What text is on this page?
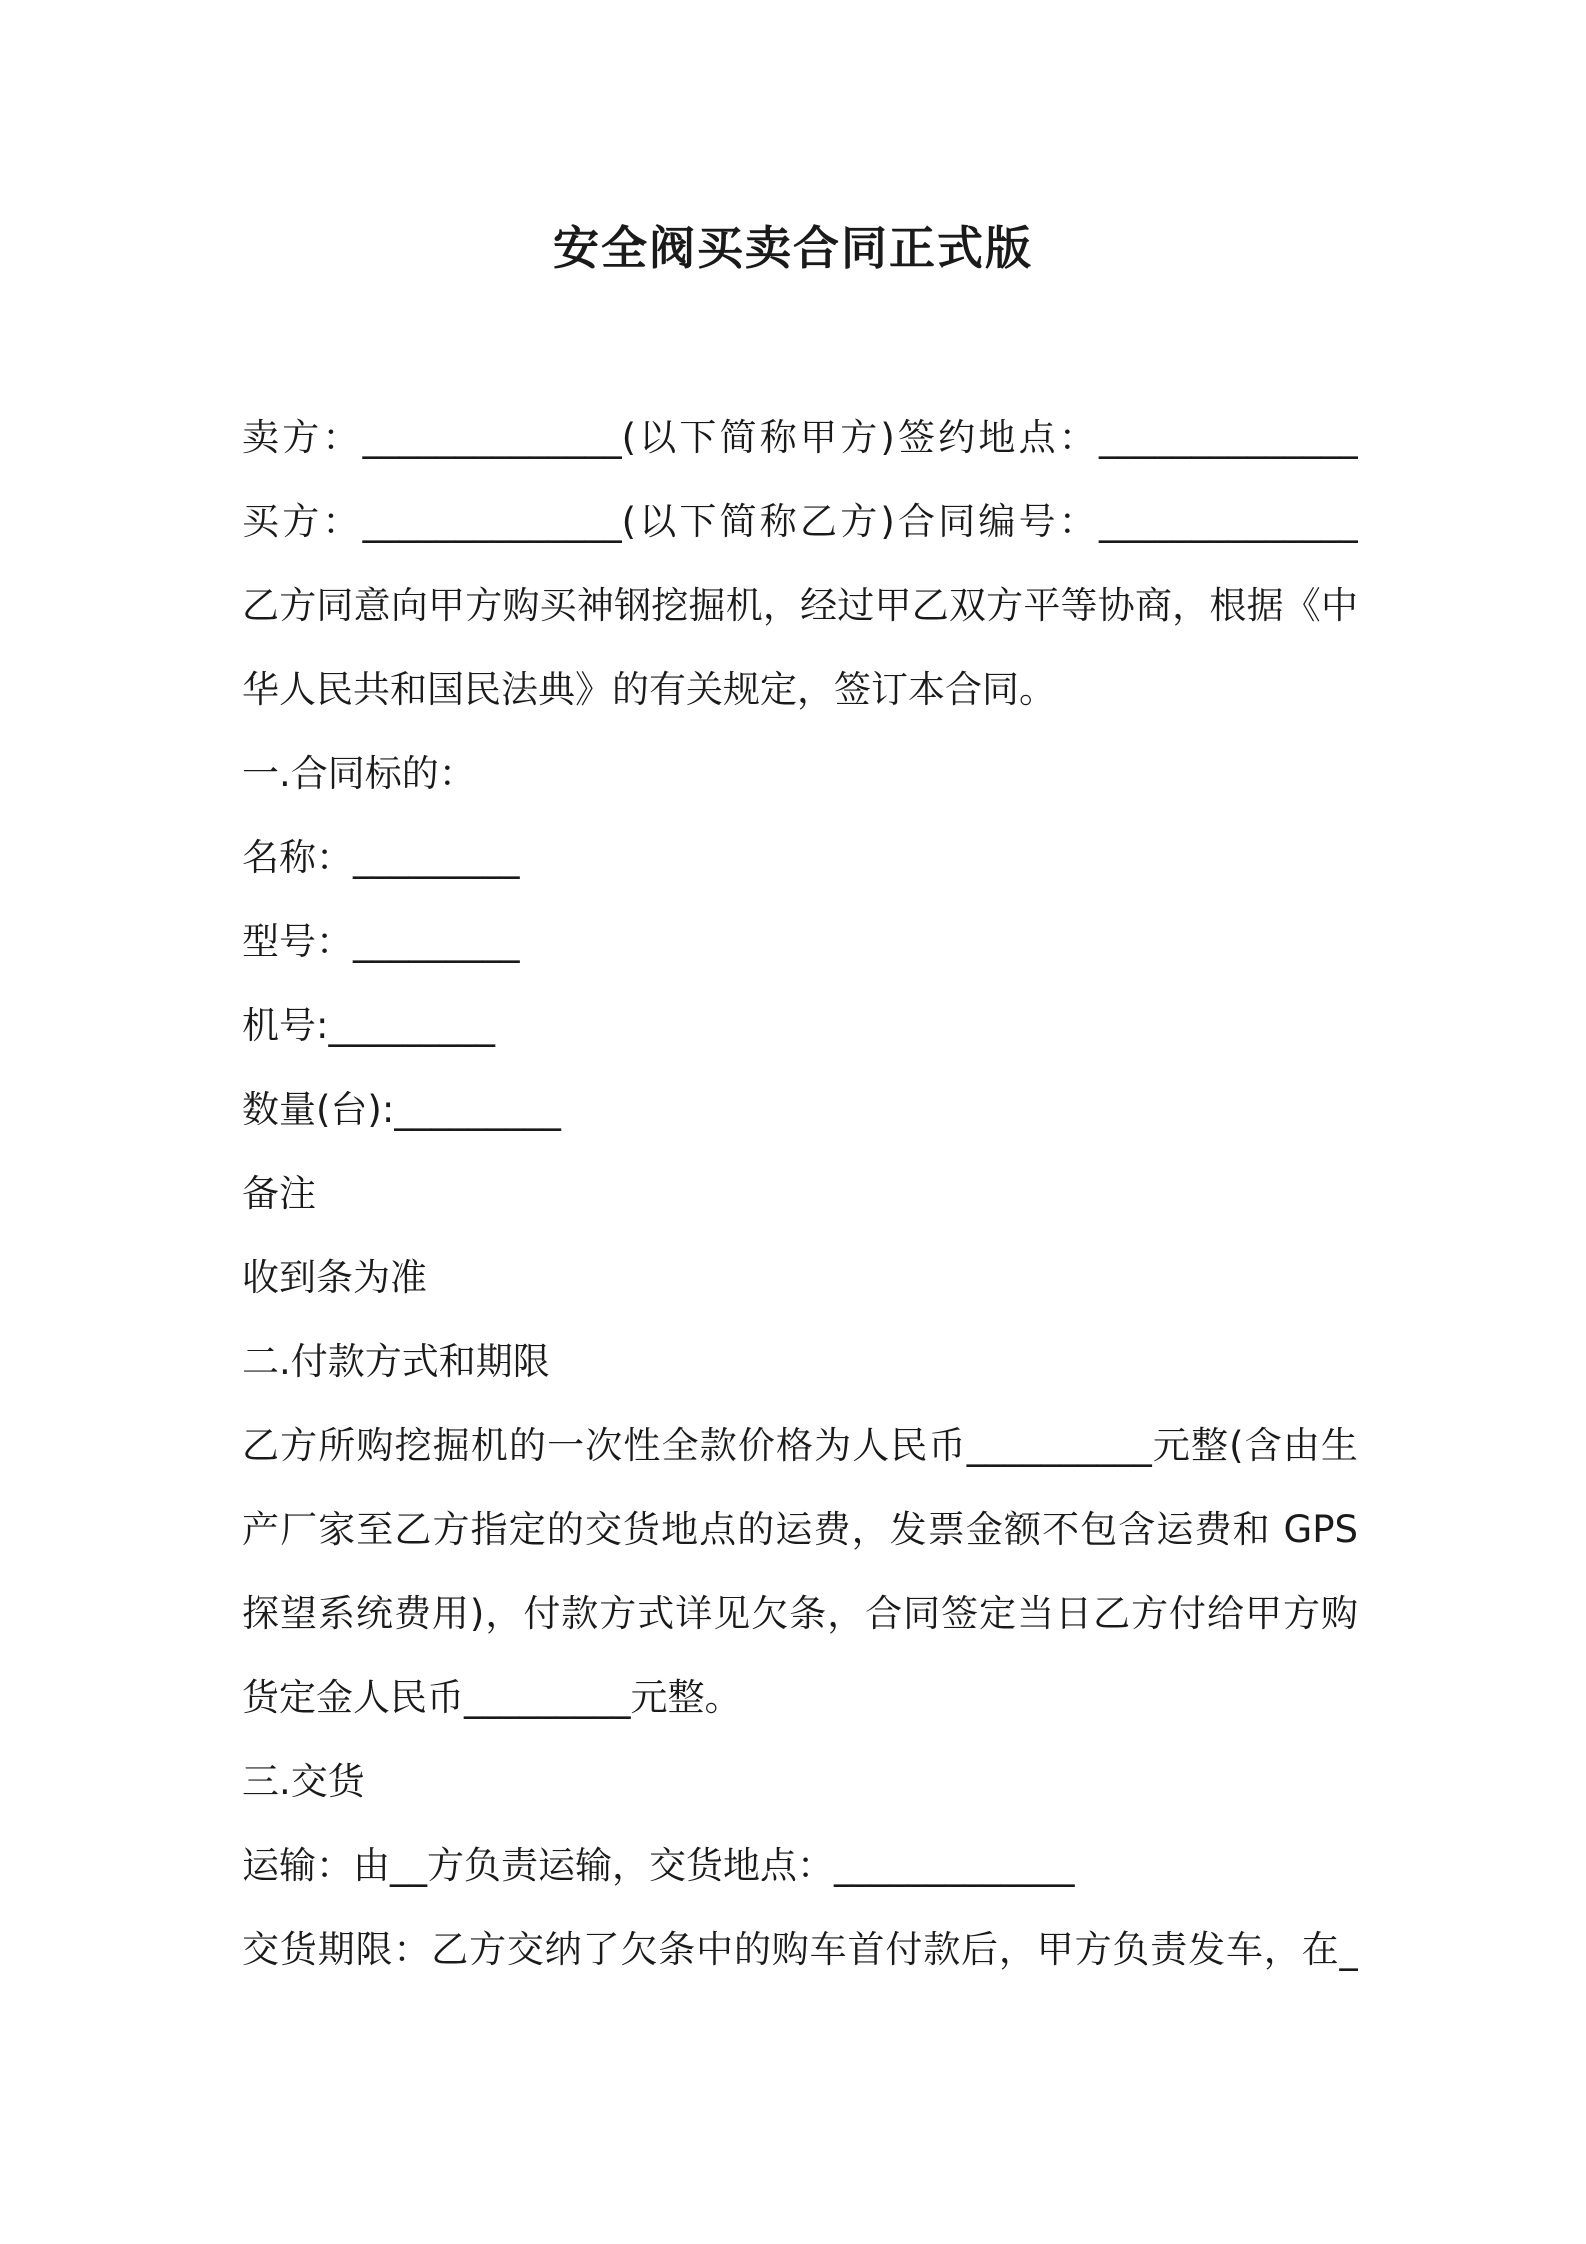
安全阀买卖合同正式版

卖方：______________(以下简称甲方)签约地点：______________

买方：______________(以下简称乙方)合同编号：______________

乙方同意向甲方购买神钢挖掘机，经过甲乙双方平等协商，根据《中

华人民共和国民法典》的有关规定，签订本合同。

一.合同标的：

名称：_________

型号：_________

机号:_________

数量(台):_________

备注

收到条为准

二.付款方式和期限

乙方所购挖掘机的一次性全款价格为人民币__________元整(含由生

产厂家至乙方指定的交货地点的运费，发票金额不包含运费和 GPS

探望系统费用)，付款方式详见欠条，合同签定当日乙方付给甲方购

货定金人民币_________元整。

三.交货

运输：由__方负责运输，交货地点：_____________

交货期限：乙方交纳了欠条中的购车首付款后，甲方负责发车，在_
